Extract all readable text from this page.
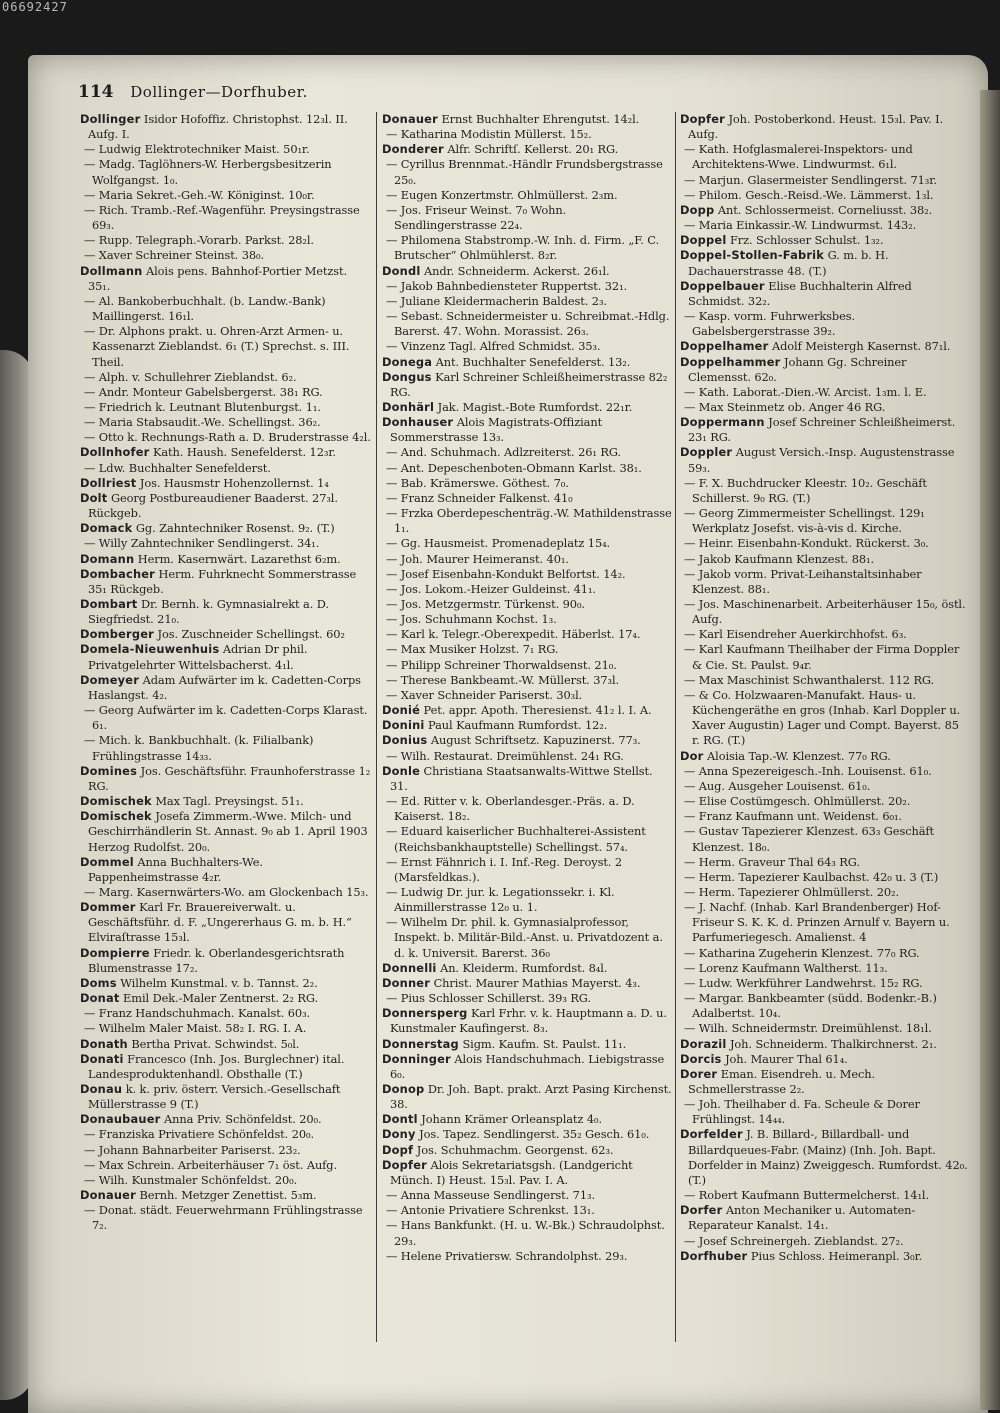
06692427
114 Dollinger—Dorfhuber.

Dollinger Isidor Hofoffiz. Christophst. 12₃l. II. Aufg. I.

— Ludwig Elektrotechniker Maist. 50₁r.

— Madg. Taglöhners-W. Herbergsbesitzerin Wolfgangst. 1₀.

— Maria Sekret.-Geh.-W. Königinst. 10₀r.

— Rich. Tramb.-Ref.-Wagenführ. Preysingstrasse 69₃.

— Rupp. Telegraph.-Vorarb. Parkst. 28₂l.

— Xaver Schreiner Steinst. 38₀.

Dollmann Alois pens. Bahnhof-Portier Metzst. 35₁.

— Al. Bankoberbuchhalt. (b. Landw.-Bank) Maillingerst. 16₁l.

— Dr. Alphons prakt. u. Ohren-Arzt Armen- u. Kassenarzt Zieblandst. 6₁ (T.) Sprechst. s. III. Theil.

— Alph. v. Schullehrer Zieblandst. 6₂.

— Andr. Monteur Gabelsbergerst. 38₁ RG.

— Friedrich k. Leutnant Blutenburgst. 1₁.

— Maria Stabsaudit.-We. Schellingst. 36₂.

— Otto k. Rechnungs-Rath a. D. Bruderstrasse 4₂l.

Dollnhofer Kath. Haush. Senefelderst. 12₃r.

— Ldw. Buchhalter Senefelderst.

Dollriest Jos. Hausmstr Hohenzollernst. 1₄

Dolt Georg Postbureaudiener Baaderst. 27₃l. Rückgeb.

Domack Gg. Zahntechniker Rosenst. 9₂. (T.)

— Willy Zahntechniker Sendlingerst. 34₁.

Domann Herm. Kasernwärt. Lazarethst 6₂m.

Dombacher Herm. Fuhrknecht Sommerstrasse 35₁ Rückgeb.

Dombart Dr. Bernh. k. Gymnasialrekt a. D. Siegfriedst. 21₀.

Domberger Jos. Zuschneider Schellingst. 60₂

Domela-Nieuwenhuis Adrian Dr phil. Privatgelehrter Wittelsbacherst. 4₁l.

Domeyer Adam Aufwärter im k. Cadetten-Corps Haslangst. 4₂.

— Georg Aufwärter im k. Cadetten-Corps Klarast. 6₁.

— Mich. k. Bankbuchhalt. (k. Filialbank) Frühlingstrasse 14₃₃.

Domines Jos. Geschäftsführ. Fraunhoferstrasse 1₂ RG.

Domischek Max Tagl. Preysingst. 51₁.

Domischek Josefa Zimmerm.-Wwe. Milch- und Geschirrhändlerin St. Annast. 9₀ ab 1. April 1903 Herzog Rudolfst. 20₀.

Dommel Anna Buchhalters-We. Pappenheimstrasse 4₂r.

— Marg. Kasernwärters-Wo. am Glockenbach 15₃.

Dommer Karl Fr. Brauereiverwalt. u. Geschäftsführ. d. F. „Ungererhaus G. m. b. H.“ Elviraſtrasse 15₃l.

Dompierre Friedr. k. Oberlandesgerichtsrath Blumenstrasse 17₂.

Doms Wilhelm Kunstmal. v. b. Tannst. 2₂.

Donat Emil Dek.-Maler Zentnerst. 2₂ RG.

— Franz Handschuhmach. Kanalst. 60₃.

— Wilhelm Maler Maist. 58₂ I. RG. I. A.

Donath Bertha Privat. Schwindst. 5₀l.

Donati Francesco (Inh. Jos. Burglechner) ital. Landesproduktenhandl. Obsthalle (T.)

Donau k. k. priv. österr. Versich.-Gesellschaft Müllerstrasse 9 (T.)

Donaubauer Anna Priv. Schönfeldst. 20₀.

— Franziska Privatiere Schönfeldst. 20₀.

— Johann Bahnarbeiter Pariserst. 23₂.

— Max Schrein. Arbeiterhäuser 7₁ öst. Aufg.

— Wilh. Kunstmaler Schönfeldst. 20₀.

Donauer Bernh. Metzger Zenettist. 5₃m.

— Donat. städt. Feuerwehrmann Frühlingstrasse 7₂.

Donauer Ernst Buchhalter Ehrengutst. 14₂l.

— Katharina Modistin Müllerst. 15₂.

Donderer Alfr. Schriftſ. Kellerst. 20₁ RG.

— Cyrillus Brennmat.-Händlr Frundsbergstrasse 25₀.

— Eugen Konzertmstr. Ohlmüllerst. 2₃m.

— Jos. Friseur Weinst. 7₀ Wohn. Sendlingerstrasse 22₄.

— Philomena Stabstromp.-W. Inh. d. Firm. „F. C. Brutscher“ Ohlmühlerst. 8₂r.

Dondl Andr. Schneiderm. Ackerst. 26₁l.

— Jakob Bahnbediensteter Ruppertst. 32₁.

— Juliane Kleidermacherin Baldest. 2₃.

— Sebast. Schneidermeister u. Schreibmat.-Hdlg. Barerst. 47. Wohn. Morassist. 26₃.

— Vinzenz Tagl. Alfred Schmidst. 35₃.

Donega Ant. Buchhalter Senefelderst. 13₂.

Dongus Karl Schreiner Schleißheimerstrasse 82₂ RG.

Donhärl Jak. Magist.-Bote Rumfordst. 22₁r.

Donhauser Alois Magistrats-Offiziant Sommerstrasse 13₃.

— And. Schuhmach. Adlzreiterst. 26₁ RG.

— Ant. Depeschenboten-Obmann Karlst. 38₁.

— Bab. Krämerswe. Göthest. 7₀.

— Franz Schneider Falkenst. 41₀

— Frzka Oberdepeschenträg.-W. Mathildenstrasse 1₁.

— Gg. Hausmeist. Promenadeplatz 15₄.

— Joh. Maurer Heimeranst. 40₁.

— Josef Eisenbahn-Kondukt Belfortst. 14₂.

— Jos. Lokom.-Heizer Guldeinst. 41₁.

— Jos. Metzgermstr. Türkenst. 90₀.

— Jos. Schuhmann Kochst. 1₃.

— Karl k. Telegr.-Oberexpedit. Häberlst. 17₄.

— Max Musiker Holzst. 7₁ RG.

— Philipp Schreiner Thorwaldsenst. 21₀.

— Therese Bankbeamt.-W. Müllerst. 37₃l.

— Xaver Schneider Pariserst. 30₃l.

Donié Pet. appr. Apoth. Theresienst. 41₂ l. I. A.

Donini Paul Kaufmann Rumfordst. 12₂.

Donius August Schriftsetz. Kapuzinerst. 77₃.

— Wilh. Restaurat. Dreimühlenst. 24₁ RG.

Donle Christiana Staatsanwalts-Wittwe Stellst. 31.

— Ed. Ritter v. k. Oberlandesger.-Präs. a. D. Kaiserst. 18₂.

— Eduard kaiserlicher Buchhalterei-Assistent (Reichsbankhauptstelle) Schellingst. 57₄.

— Ernst Fähnrich i. I. Inf.-Reg. Deroyst. 2 (Marsfeldkas.).

— Ludwig Dr. jur. k. Legationssekr. i. Kl. Ainmillerstrasse 12₀ u. 1.

— Wilhelm Dr. phil. k. Gymnasialprofessor, Inspekt. b. Militär-Bild.-Anst. u. Privatdozent a. d. k. Universit. Barerst. 36₀

Donnelli An. Kleiderm. Rumfordst. 8₄l.

Donner Christ. Maurer Mathias Mayerst. 4₃.

— Pius Schlosser Schillerst. 39₃ RG.

Donnersperg Karl Frhr. v. k. Hauptmann a. D. u. Kunstmaler Kaufingerst. 8₃.

Donnerstag Sigm. Kaufm. St. Paulst. 11₁.

Donninger Alois Handschuhmach. Liebigstrasse 6₀.

Donop Dr. Joh. Bapt. prakt. Arzt Pasing Kirchenst. 38.

Dontl Johann Krämer Orleansplatz 4₀.

Dony Jos. Tapez. Sendlingerst. 35₂ Gesch. 61₀.

Dopf Jos. Schuhmachm. Georgenst. 62₃.

Dopfer Alois Sekretariatsgsh. (Landgericht Münch. I) Heust. 15₃l. Pav. I. A.

— Anna Masseuse Sendlingerst. 71₃.

— Antonie Privatiere Schrenkst. 13₁.

— Hans Bankfunkt. (H. u. W.-Bk.) Schraudolphst. 29₃.

— Helene Privatiersw. Schrandolphst. 29₃.

Dopfer Joh. Postoberkond. Heust. 15₃l. Pav. I. Aufg.

— Kath. Hofglasmalerei-Inspektors- und Architektens-Wwe. Lindwurmst. 6₁l.

— Marjun. Glasermeister Sendlingerst. 71₃r.

— Philom. Gesch.-Reisd.-We. Lämmerst. 1₃l.

Dopp Ant. Schlossermeist. Corneliusst. 38₂.

— Maria Einkassir.-W. Lindwurmst. 143₂.

Doppel Frz. Schlosser Schulst. 1₃₂.

Doppel-Stollen-Fabrik G. m. b. H. Dachauerstrasse 48. (T.)

Doppelbauer Elise Buchhalterin Alfred Schmidst. 32₂.

— Kasp. vorm. Fuhrwerksbes. Gabelsbergerstrasse 39₂.

Doppelhamer Adolf Meistergh Kasernst. 87₁l.

Doppelhammer Johann Gg. Schreiner Clemensst. 62₀.

— Kath. Laborat.-Dien.-W. Arcist. 1₃m. l. E.

— Max Steinmetz ob. Anger 46 RG.

Doppermann Josef Schreiner Schleißheimerst. 23₁ RG.

Doppler August Versich.-Insp. Augustenstrasse 59₃.

— F. X. Buchdrucker Kleestr. 10₂. Geschäft Schillerst. 9₀ RG. (T.)

— Georg Zimmermeister Schellingst. 129₁ Werkplatz Josefst. vis-à-vis d. Kirche.

— Heinr. Eisenbahn-Kondukt. Rückerst. 3₀.

— Jakob Kaufmann Klenzest. 88₁.

— Jakob vorm. Privat-Leihanstaltsinhaber Klenzest. 88₁.

— Jos. Maschinenarbeit. Arbeiterhäuser 15₀, östl. Aufg.

— Karl Eisendreher Auerkirchhofst. 6₃.

— Karl Kaufmann Theilhaber der Firma Doppler & Cie. St. Paulst. 9₄r.

— Max Maschinist Schwanthalerst. 112 RG.

— & Co. Holzwaaren-Manufakt. Haus- u. Küchengeräthe en gros (Inhab. Karl Doppler u. Xaver Augustin) Lager und Compt. Bayerst. 85 r. RG. (T.)

Dor Aloisia Tap.-W. Klenzest. 77₀ RG.

— Anna Spezereigesch.-Inh. Louisenst. 61₀.

— Aug. Ausgeher Louisenst. 61₀.

— Elise Costümgesch. Ohlmüllerst. 20₂.

— Franz Kaufmann unt. Weidenst. 6₀₁.

— Gustav Tapezierer Klenzest. 63₃ Geschäft Klenzest. 18₀.

— Herm. Graveur Thal 64₃ RG.

— Herm. Tapezierer Kaulbachst. 42₀ u. 3 (T.)

— Herm. Tapezierer Ohlmüllerst. 20₂.

— J. Nachf. (Inhab. Karl Brandenberger) Hof-Friseur S. K. K. d. Prinzen Arnulf v. Bayern u. Parfumeriegesch. Amalienst. 4

— Katharina Zugeherin Klenzest. 77₀ RG.

— Lorenz Kaufmann Waltherst. 11₃.

— Ludw. Werkführer Landwehrst. 15₂ RG.

— Margar. Bankbeamter (südd. Bodenkr.-B.) Adalbertst. 10₄.

— Wilh. Schneidermstr. Dreimühlenst. 18₁l.

Dorazil Joh. Schneiderm. Thalkirchnerst. 2₁.

Dorcis Joh. Maurer Thal 61₄.

Dorer Eman. Eisendreh. u. Mech. Schmellerstrasse 2₂.

— Joh. Theilhaber d. Fa. Scheule & Dorer Frühlingst. 14₄₄.

Dorfelder J. B. Billard-, Billardball- und Billardqueues-Fabr. (Mainz) (Inh. Joh. Bapt. Dorfelder in Mainz) Zweiggesch. Rumfordst. 42₀. (T.)

— Robert Kaufmann Buttermelcherst. 14₁l.

Dorfer Anton Mechaniker u. Automaten-Reparateur Kanalst. 14₁.

— Josef Schreinergeh. Zieblandst. 27₂.

Dorfhuber Pius Schloss. Heimeranpl. 3₀r.
